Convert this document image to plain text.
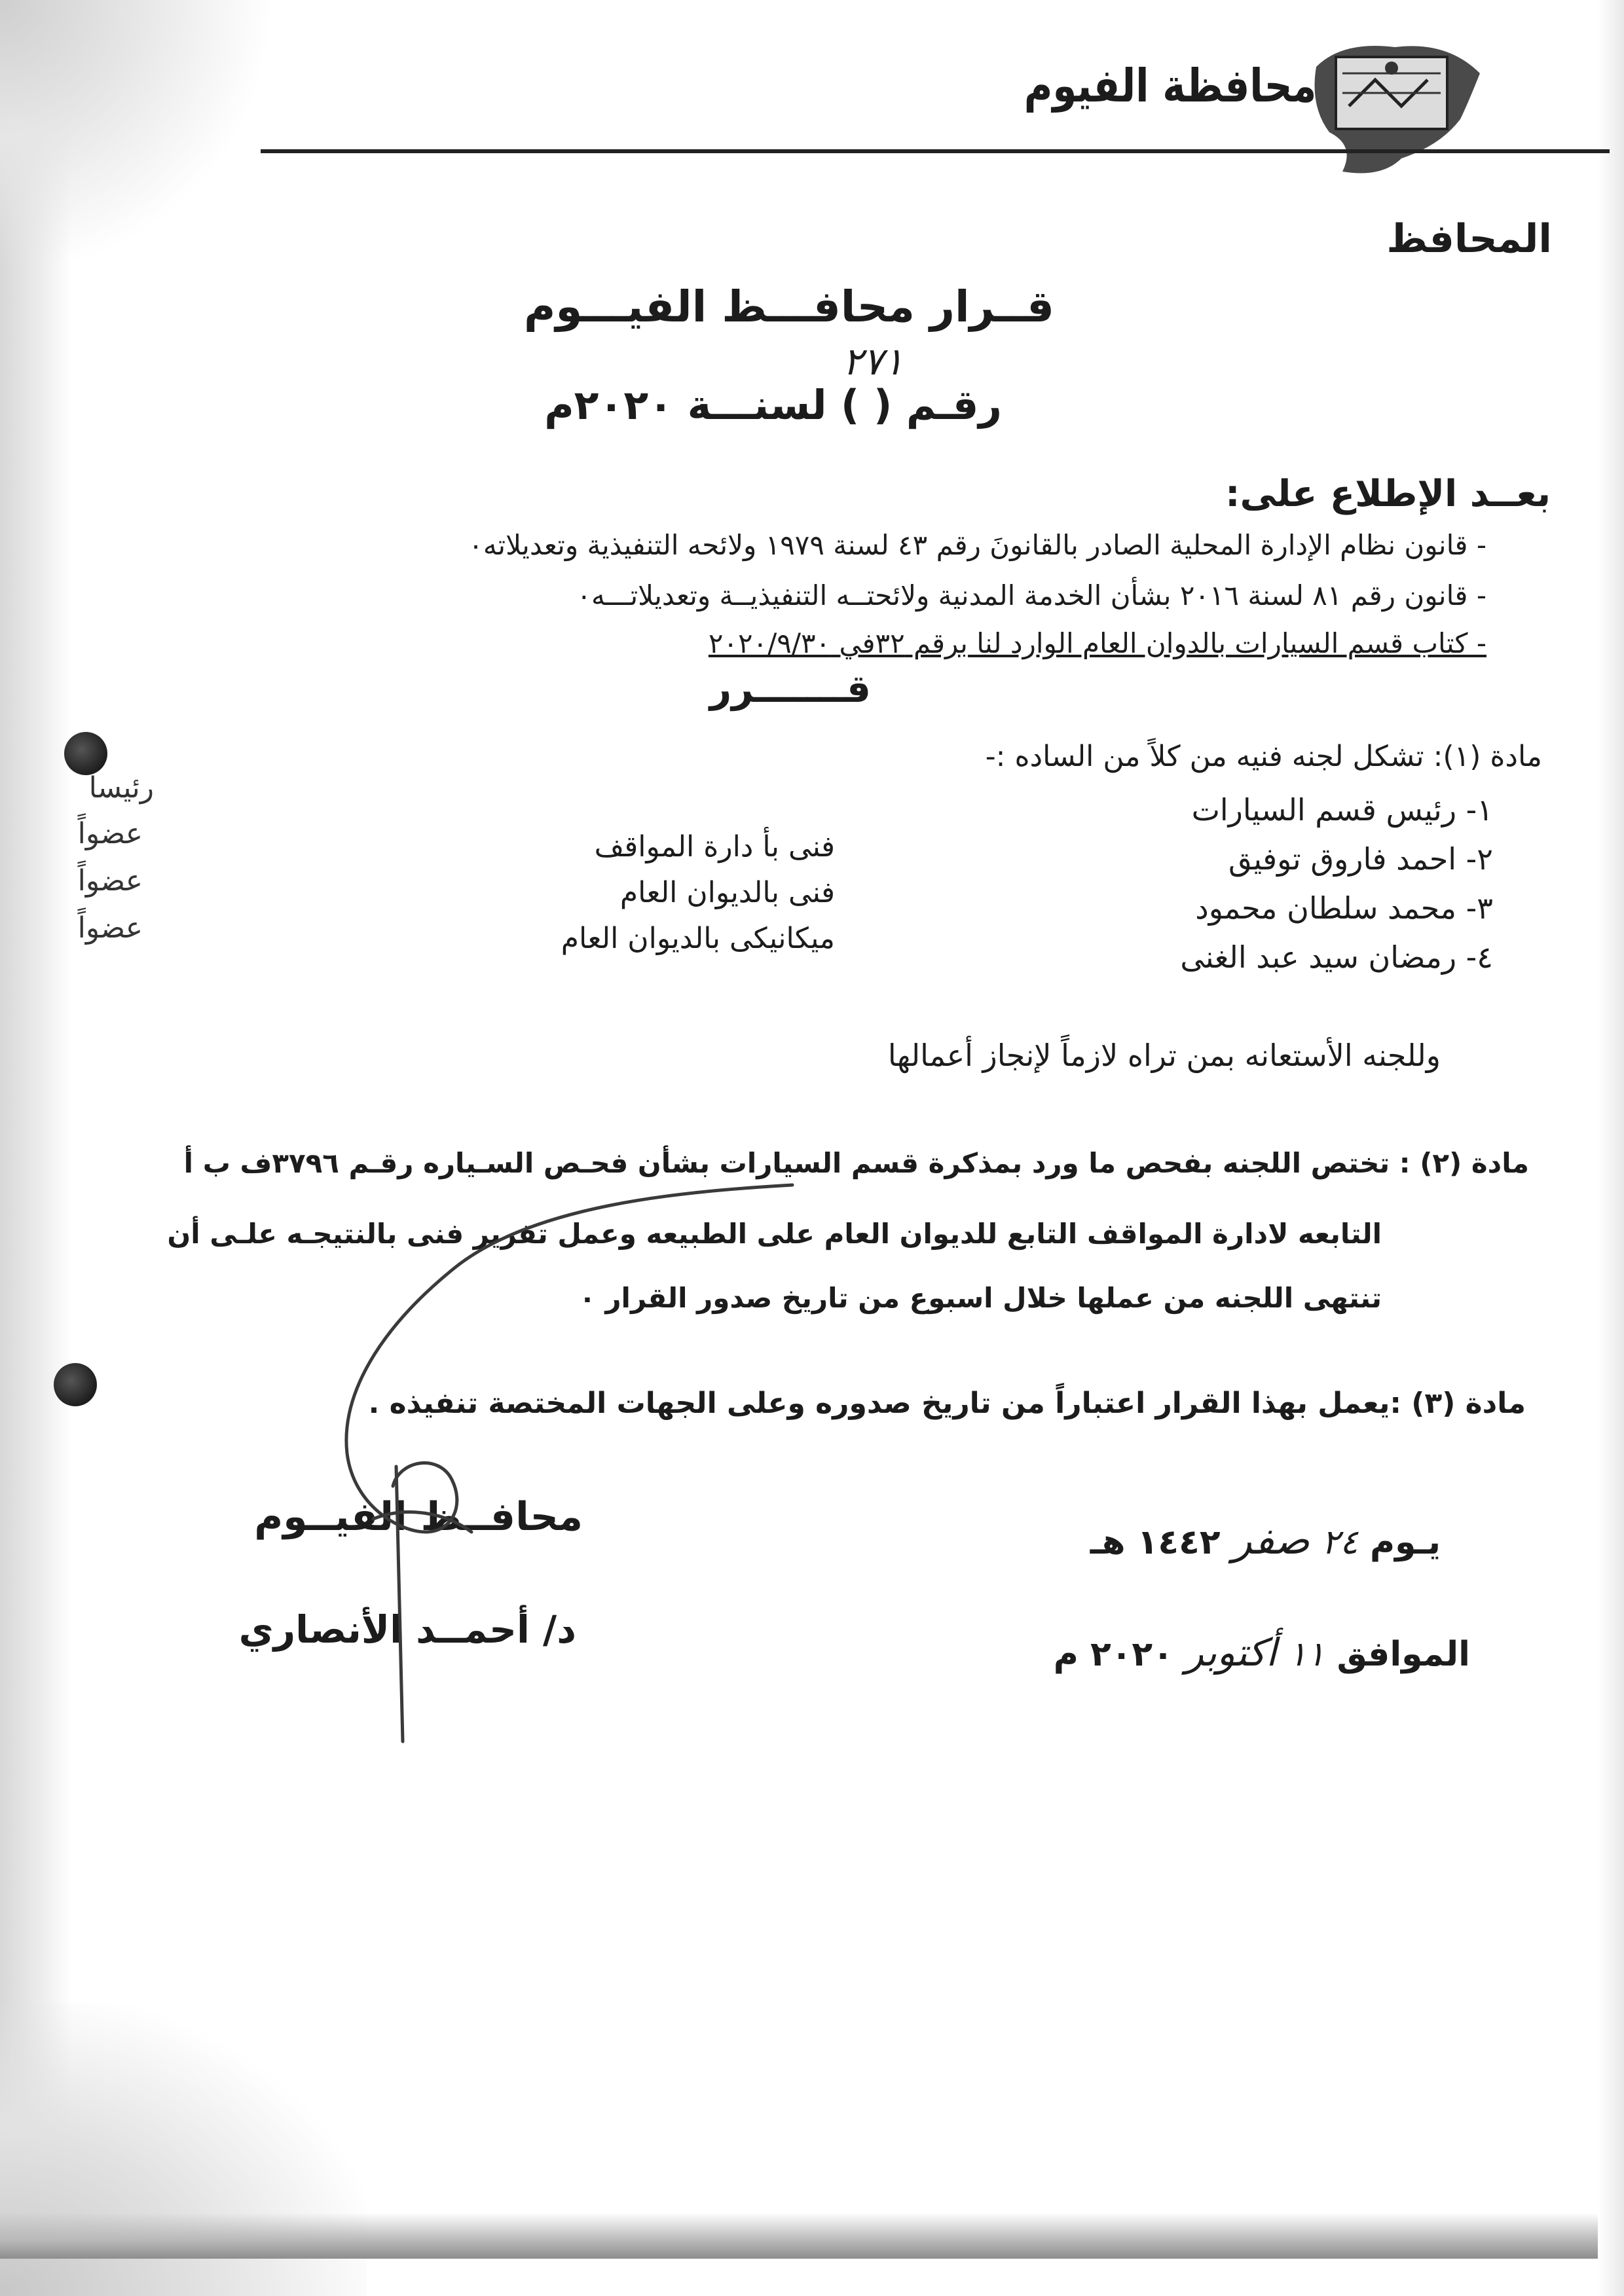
محافظة الفيوم
المحافظ
قــرار محافـــظ الفيـــوم
٢٧١
رقـم ( ) لسنـــة ٢٠٢٠م
بعــد الإطلاع على:
- قانون نظام الإدارة المحلية الصادر بالقانونَ رقم ٤٣ لسنة ١٩٧٩ ولائحه التنفيذية وتعديلاته٠
- قانون رقم ٨١ لسنة ٢٠١٦ بشأن الخدمة المدنية ولائحتــه التنفيذيــة وتعديلاتـــه٠
- كتاب قسم السيارات بالدوان العام الوارد لنا برقم ٣٢في ٢٠٢٠/٩/٣٠
قـــــــرر
مادة (١): تشكل لجنه فنيه من كلاً من الساده :-
١- رئيس قسم السيارات
٢- احمد فاروق توفيق
٣- محمد سلطان محمود
٤- رمضان سيد عبد الغنى
فنى بأ دارة المواقف
فنى بالديوان العام
ميكانيكى بالديوان العام
رئيسا
عضواً
عضواً
عضواً
وللجنه الأستعانه بمن تراه لازماً لإنجاز أعمالها
مادة (٢) : تختص اللجنه بفحص ما ورد بمذكرة قسم السيارات بشأن فحـص السـياره رقـم ٣٧٩٦ف ب أ
التابعه لادارة المواقف التابع للديوان العام على الطبيعه وعمل تقرير فنى بالنتيجـه علـى أن
تنتهى اللجنه من عملها خلال اسبوع من تاريخ صدور القرار ٠
مادة (٣) :يعمل بهذا القرار اعتباراً من تاريخ صدوره وعلى الجهات المختصة تنفيذه .
يـوم ٢٤ صفر ١٤٤٢ هـ
الموافق ١١ أكتوبر ٢٠٢٠ م
محافــظ الفيــوم
د/ أحمــد الأنصاري
